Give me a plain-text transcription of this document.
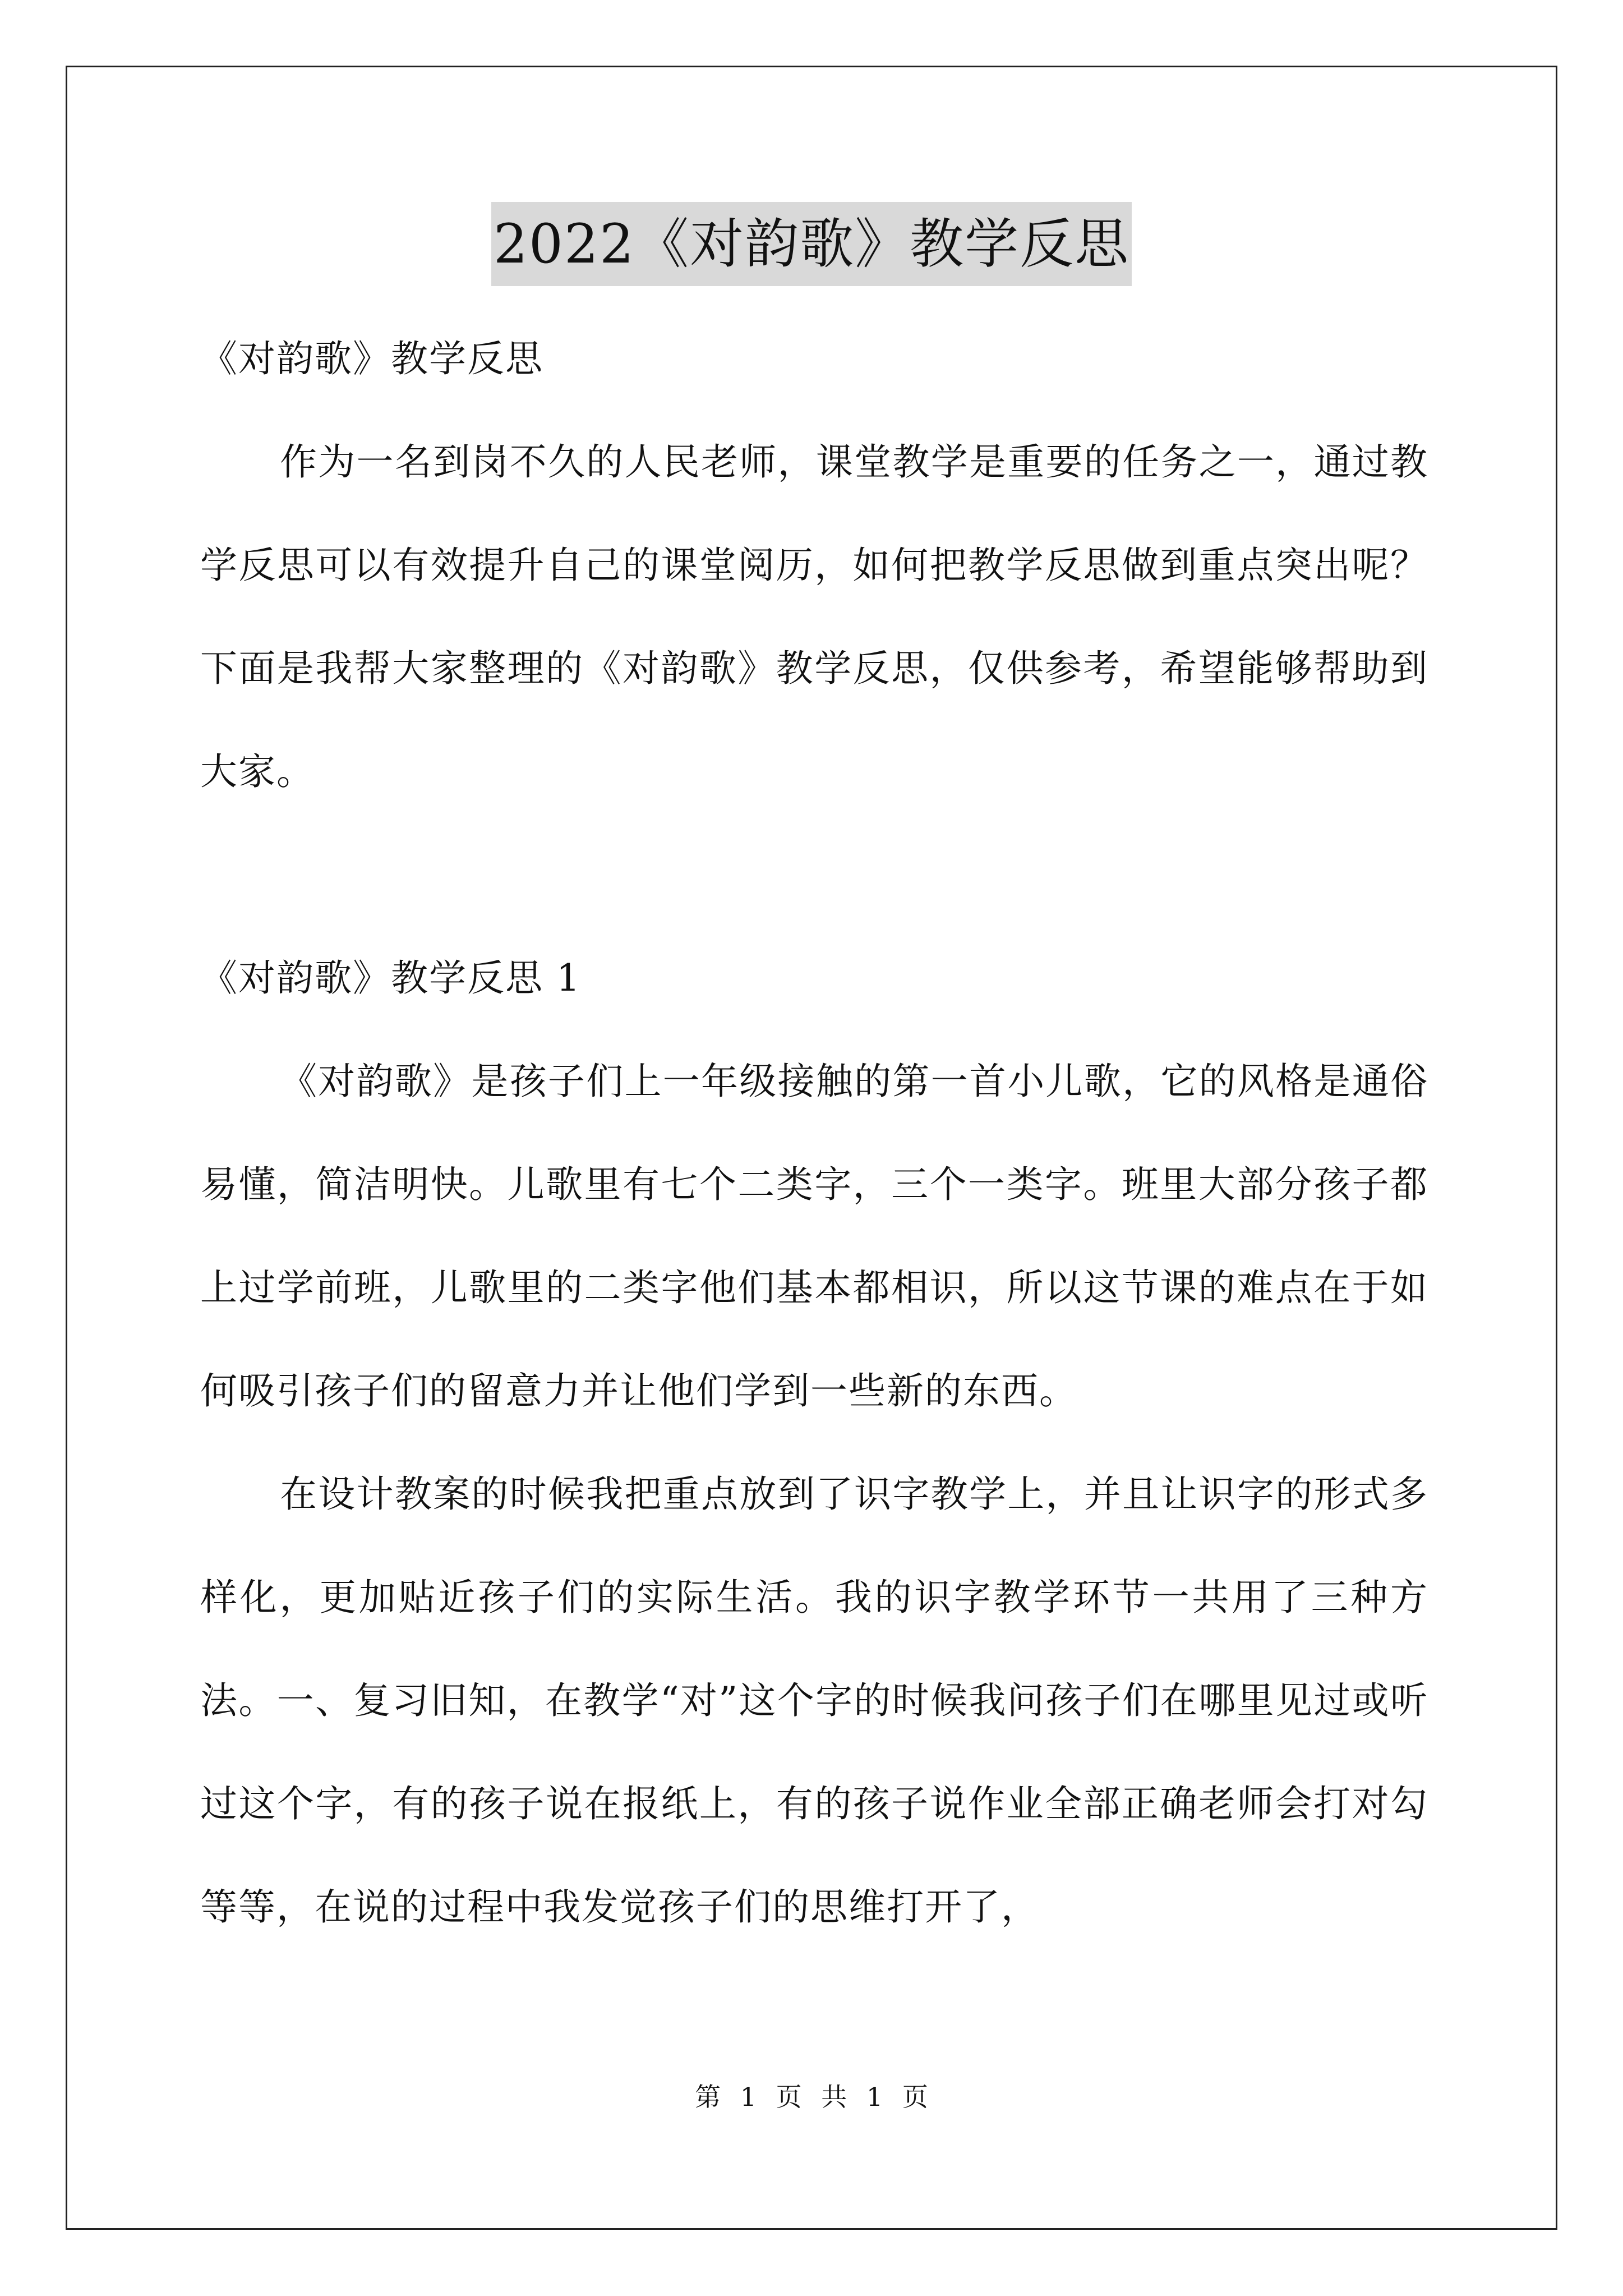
2022《对韵歌》教学反思

《对韵歌》教学反思

作为一名到岗不久的人民老师，课堂教学是重要的任务之一，通过教学反思可以有效提升自己的课堂阅历，如何把教学反思做到重点突出呢？下面是我帮大家整理的《对韵歌》教学反思，仅供参考，希望能够帮助到大家。

《对韵歌》教学反思 1

《对韵歌》是孩子们上一年级接触的第一首小儿歌，它的风格是通俗易懂，简洁明快。儿歌里有七个二类字，三个一类字。班里大部分孩子都上过学前班，儿歌里的二类字他们基本都相识，所以这节课的难点在于如何吸引孩子们的留意力并让他们学到一些新的东西。

在设计教案的时候我把重点放到了识字教学上，并且让识字的形式多样化，更加贴近孩子们的实际生活。我的识字教学环节一共用了三种方法。一、复习旧知，在教学“对”这个字的时候我问孩子们在哪里见过或听过这个字，有的孩子说在报纸上，有的孩子说作业全部正确老师会打对勾等等，在说的过程中我发觉孩子们的思维打开了，

第 1 页 共 1 页
